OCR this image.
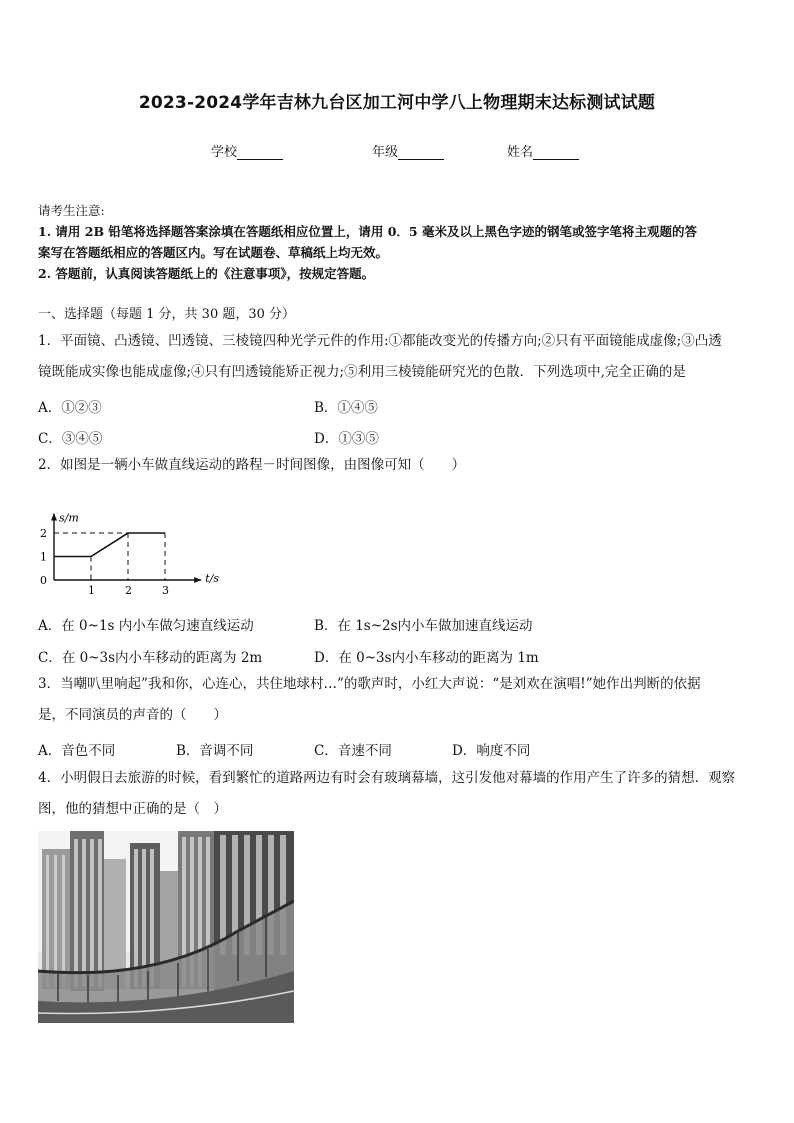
2023-2024学年吉林九台区加工河中学八上物理期末达标测试试题
学校	年级	姓名
请考生注意:
1. 请用 2B 铅笔将选择题答案涂填在答题纸相应位置上，请用 0．5 毫米及以上黑色字迹的钢笔或签字笔将主观题的答
案写在答题纸相应的答题区内。写在试题卷、草稿纸上均无效。
2. 答题前，认真阅读答题纸上的《注意事项》，按规定答题。
一、选择题（每题 1 分，共 30 题，30 分）
1．平面镜、凸透镜、凹透镜、三棱镜四种光学元件的作用:①都能改变光的传播方向;②只有平面镜能成虚像;③凸透
镜既能成实像也能成虚像;④只有凹透镜能矫正视力;⑤利用三棱镜能研究光的色散．下列选项中,完全正确的是
A．①②③	B．①④⑤
C．③④⑤	D．①③⑤
2．如图是一辆小车做直线运动的路程－时间图像，由图像可知（　　）
t/s
s/m
0
1
2
1	2	3
A．在 0~1s 内小车做匀速直线运动	B．在 1s~2s内小车做加速直线运动
C．在 0~3s内小车移动的距离为 2m	D．在 0~3s内小车移动的距离为 1m
3．当嘲叭里响起”我和你，心连心，共住地球村…”的歌声时，小红大声说：“是刘欢在演唱!”她作出判断的依据
是，不同演员的声音的（　　）
A．音色不同	B．音调不同	C．音速不同	D．响度不同
4．小明假日去旅游的时候，看到繁忙的道路两边有时会有玻璃幕墙，这引发他对幕墙的作用产生了许多的猜想．观察
图，他的猜想中正确的是（　）
